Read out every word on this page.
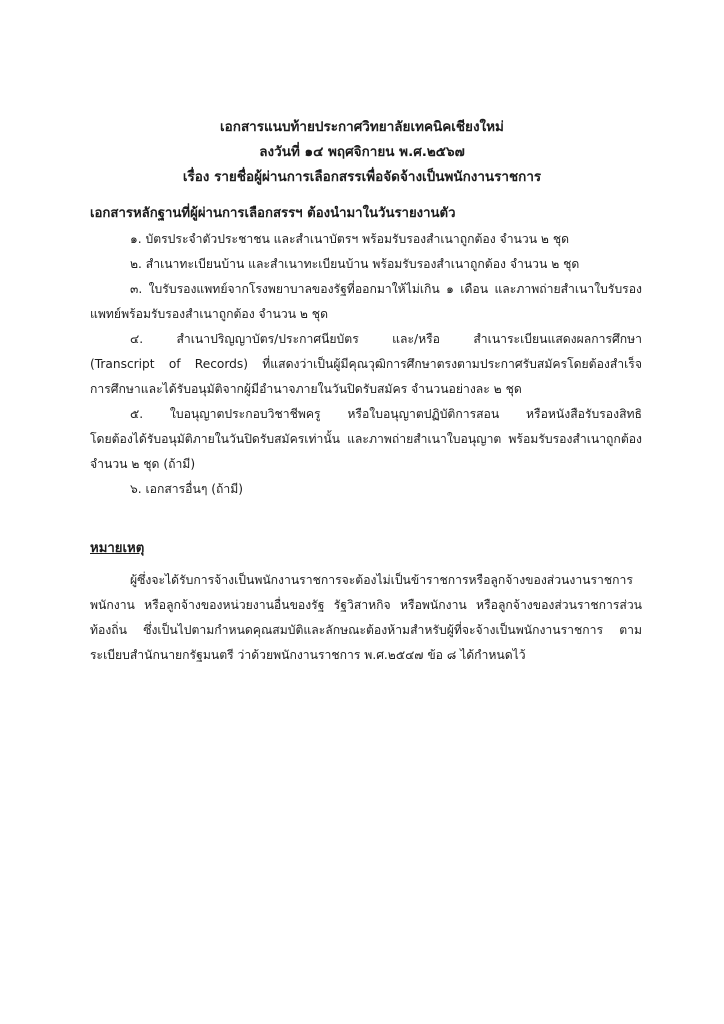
เอกสารแนบท้ายประกาศวิทยาลัยเทคนิคเชียงใหม่
ลงวันที่ ๑๔ พฤศจิกายน พ.ศ.๒๕๖๗
เรื่อง รายชื่อผู้ผ่านการเลือกสรรเพื่อจัดจ้างเป็นพนักงานราชการ
เอกสารหลักฐานที่ผู้ผ่านการเลือกสรรฯ ต้องนำมาในวันรายงานตัว

๑. บัตรประจำตัวประชาชน และสำเนาบัตรฯ พร้อมรับรองสำเนาถูกต้อง จำนวน ๒ ชุด

๒. สำเนาทะเบียนบ้าน และสำเนาทะเบียนบ้าน พร้อมรับรองสำเนาถูกต้อง จำนวน ๒ ชุด

๓. ใบรับรองแพทย์จากโรงพยาบาลของรัฐที่ออกมาให้ไม่เกิน ๑ เดือน และภาพถ่ายสำเนาใบรับรอง
แพทย์พร้อมรับรองสำเนาถูกต้อง จำนวน ๒ ชุด
๔. สำเนาปริญญาบัตร/ประกาศนียบัตร และ/หรือ สำเนาระเบียนแสดงผลการศึกษา
(Transcript of Records) ที่แสดงว่าเป็นผู้มีคุณวุฒิการศึกษาตรงตามประกาศรับสมัครโดยต้องสำเร็จ
การศึกษาและได้รับอนุมัติจากผู้มีอำนาจภายในวันปิดรับสมัคร จำนวนอย่างละ ๒ ชุด
๕. ใบอนุญาตประกอบวิชาชีพครู หรือใบอนุญาตปฏิบัติการสอน หรือหนังสือรับรองสิทธิ
โดยต้องได้รับอนุมัติภายในวันปิดรับสมัครเท่านั้น และภาพถ่ายสำเนาใบอนุญาต พร้อมรับรองสำเนาถูกต้อง
จำนวน ๒ ชุด (ถ้ามี)

๖. เอกสารอื่นๆ (ถ้ามี)

หมายเหตุ
ผู้ซึ่งจะได้รับการจ้างเป็นพนักงานราชการจะต้องไม่เป็นข้าราชการหรือลูกจ้างของส่วนงานราชการ
พนักงาน หรือลูกจ้างของหน่วยงานอื่นของรัฐ รัฐวิสาหกิจ หรือพนักงาน หรือลูกจ้างของส่วนราชการส่วน
ท้องถิ่น ซึ่งเป็นไปตามกำหนดคุณสมบัติและลักษณะต้องห้ามสำหรับผู้ที่จะจ้างเป็นพนักงานราชการ ตาม
ระเบียบสำนักนายกรัฐมนตรี ว่าด้วยพนักงานราชการ พ.ศ.๒๕๔๗ ข้อ ๘ ได้กำหนดไว้
